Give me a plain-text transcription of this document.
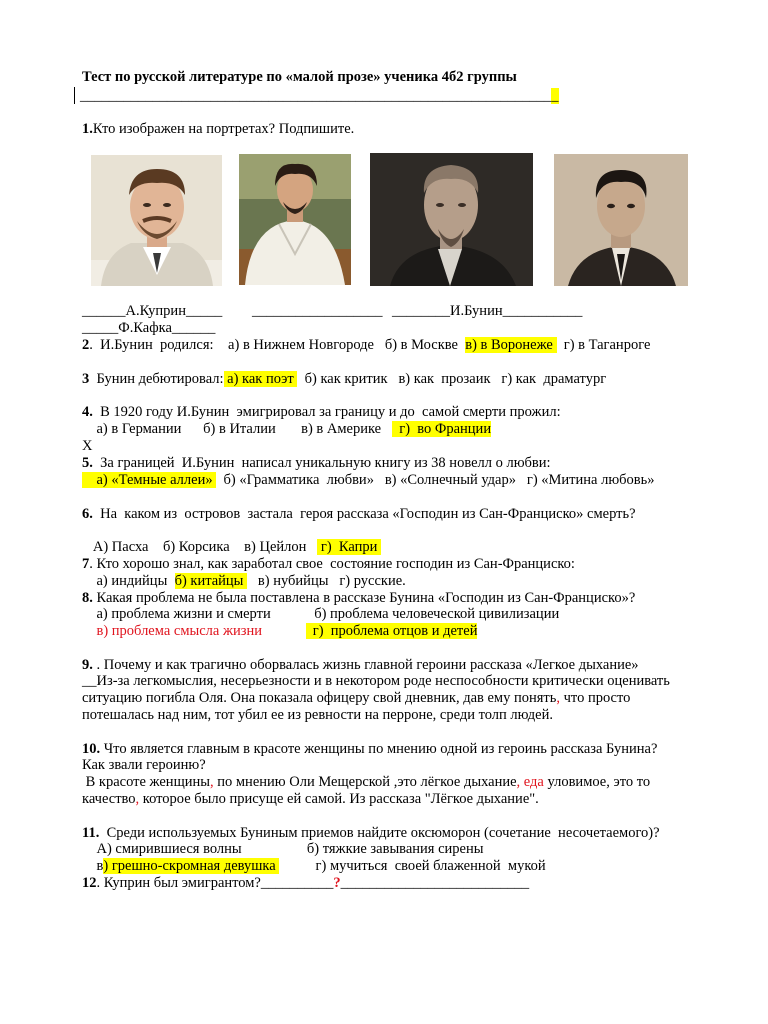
Тест по русской литературе по «малой прозе» ученика 4б2 группы
__________________________________________________________________
1.Кто изображен на портретах? Подпишите.
______А.Куприн_____ __________________ ________И.Бунин___________
_____Ф.Кафка______
2.  И.Бунин  родился:    а) в Нижнем Новгороде   б) в Москве  в) в Воронеже   г) в Таганроге
3  Бунин дебютировал: а) как поэт   б) как критик   в) как  прозаик   г) как  драматург
4.  В 1920 году И.Бунин  эмигрировал за границу и до  самой смерти прожил:
а) в Германии      б) в Италии       в) в Америке     г)  во Франции
X
5.  За границей  И.Бунин  написал уникальную книгу из 38 новелл о любви:
а) «Темные аллеи»   б) «Грамматика  любви»   в) «Солнечный удар»   г) «Митина любовь»
6.  На  каком из  островов  застала  героя рассказа «Господин из Сан-Франциско» смерть?
А) Пасха    б) Корсика    в) Цейлон    г)  Капри
7. Кто хорошо знал, как заработал свое  состояние господин из Сан-Франциско:
а) индийцы  б) китайцы    в) нубийцы   г) русские.
8. Какая проблема не была поставлена в рассказе Бунина «Господин из Сан-Франциско»?
а) проблема жизни и смерти            б) проблема человеческой цивилизации
в) проблема смысла жизни	г)  проблема отцов и детей
9. . Почему и как трагично оборвалась жизнь главной героини рассказа «Легкое дыхание»
__Из-за легкомыслия, несерьезности и в некотором роде неспособности критически оценивать
ситуацию погибла Оля. Она показала офицеру свой дневник, дав ему понять, что просто
потешалась над ним, тот убил ее из ревности на перроне, среди толп людей.
10. Что является главным в красоте женщины по мнению одной из героинь рассказа Бунина?
Как звали героиню?
В красоте женщины, по мнению Оли Мещерской ,это лёгкое дыхание, еда уловимое, это то
качество, которое было присуще ей самой. Из рассказа "Лёгкое дыхание".
11.  Среди используемых Буниным приемов найдите оксюморон (сочетание  несочетаемого)?
А) смирившиеся волны                  б) тяжкие завывания сирены
в) грешно-скромная девушка           г) мучиться  своей блаженной  мукой
12. Куприн был эмигрантом?__________?__________________________
